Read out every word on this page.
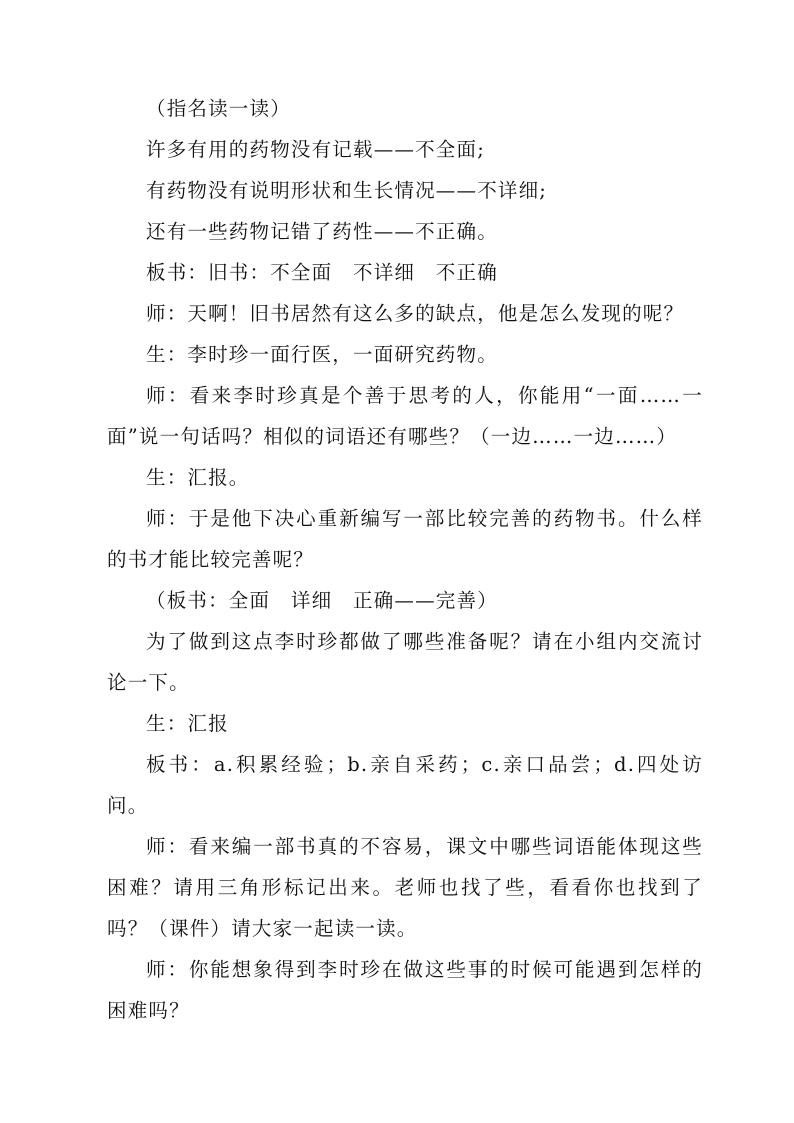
（指名读一读）

许多有用的药物没有记载——不全面;

有药物没有说明形状和生长情况——不详细;

还有一些药物记错了药性——不正确。

板书：旧书：不全面　不详细　不正确

师：天啊！旧书居然有这么多的缺点，他是怎么发现的呢？

生：李时珍一面行医，一面研究药物。

师：看来李时珍真是个善于思考的人，你能用“一面……一面”说一句话吗？相似的词语还有哪些？（一边……一边……）

生：汇报。

师：于是他下决心重新编写一部比较完善的药物书。什么样的书才能比较完善呢？

（板书：全面　详细　正确——完善）

为了做到这点李时珍都做了哪些准备呢？请在小组内交流讨论一下。

生：汇报

板书：a.积累经验；b.亲自采药；c.亲口品尝；d.四处访问。

师：看来编一部书真的不容易，课文中哪些词语能体现这些困难？请用三角形标记出来。老师也找了些，看看你也找到了吗？（课件）请大家一起读一读。

师：你能想象得到李时珍在做这些事的时候可能遇到怎样的困难吗？
